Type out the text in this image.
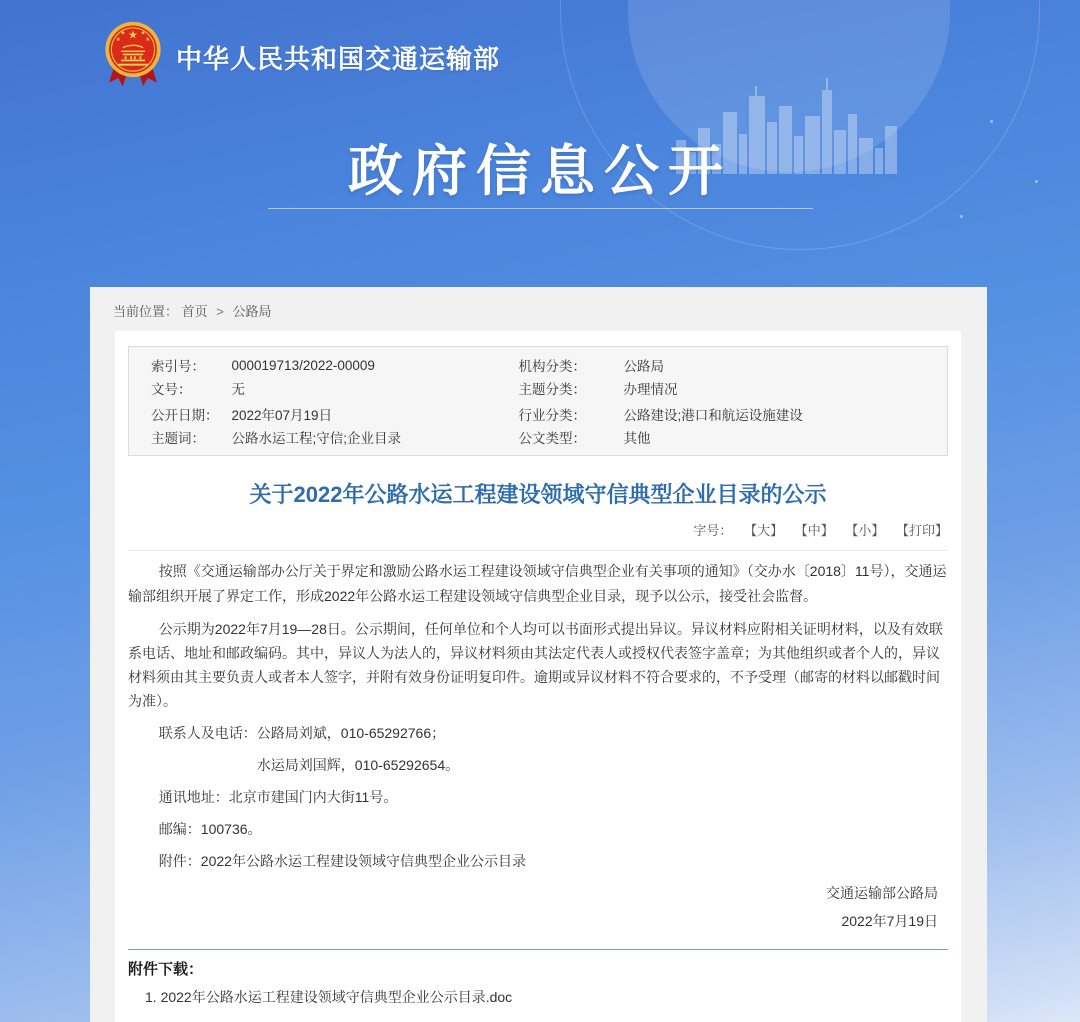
★
★	★
★	★
中华人民共和国交通运输部
政府信息公开
当前位置： 首页 > 公路局
索引号：	000019713/2022-00009	机构分类：	公路局
文号：	无	主题分类：	办理情况
公开日期：	2022年07月19日	行业分类：	公路建设;港口和航运设施建设
主题词：	公路水运工程;守信;企业目录	公文类型：	其他
关于2022年公路水运工程建设领域守信典型企业目录的公示
字号： 【大】 【中】 【小】 【打印】

按照《交通运输部办公厅关于界定和激励公路水运工程建设领域守信典型企业有关事项的通知》（交办水〔2018〕11号），交通运输部组织开展了界定工作，形成2022年公路水运工程建设领域守信典型企业目录，现予以公示，接受社会监督。

公示期为2022年7月19—28日。公示期间，任何单位和个人均可以书面形式提出异议。异议材料应附相关证明材料，以及有效联系电话、地址和邮政编码。其中，异议人为法人的，异议材料须由其法定代表人或授权代表签字盖章；为其他组织或者个人的，异议材料须由其主要负责人或者本人签字，并附有效身份证明复印件。逾期或异议材料不符合要求的，不予受理（邮寄的材料以邮戳时间为准）。

联系人及电话：公路局刘斌，010-65292766；

水运局刘国辉，010-65292654。

通讯地址：北京市建国门内大街11号。

邮编：100736。

附件：2022年公路水运工程建设领域守信典型企业公示目录

交通运输部公路局
2022年7月19日
附件下载：
1. 2022年公路水运工程建设领域守信典型企业公示目录.doc
